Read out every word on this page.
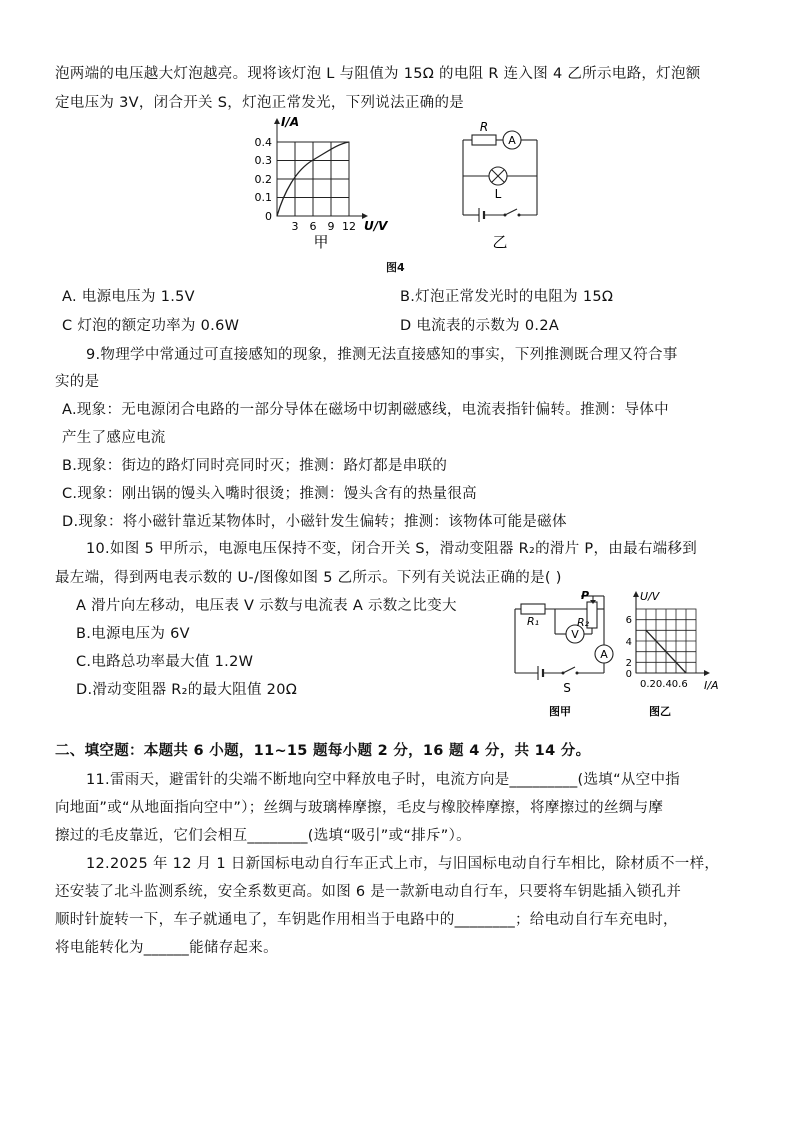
泡两端的电压越大灯泡越亮。现将该灯泡 L 与阻值为 15Ω 的电阻 R 连入图 4 乙所示电路，灯泡额
定电压为 3V，闭合开关 S，灯泡正常发光，下列说法正确的是
I/A
0.4
0.3
0.2
0.1
0
3 6 9 12 U/V
甲
R
A
L
乙
图4
A. 电源电压为 1.5V	B.灯泡正常发光时的电阻为 15Ω
C 灯泡的额定功率为 0.6W	D 电流表的示数为 0.2A
9.物理学中常通过可直接感知的现象，推测无法直接感知的事实，下列推测既合理又符合事
实的是
A.现象：无电源闭合电路的一部分导体在磁场中切割磁感线，电流表指针偏转。推测：导体中
产生了感应电流
B.现象：街边的路灯同时亮同时灭；推测：路灯都是串联的
C.现象：刚出锅的馒头入嘴时很烫；推测：馒头含有的热量很高
D.现象：将小磁针靠近某物体时，小磁针发生偏转；推测：该物体可能是磁体
10.如图 5 甲所示，电源电压保持不变，闭合开关 S，滑动变阻器 R₂的滑片 P，由最右端移到
最左端，得到两电表示数的 U-/图像如图 5 乙所示。下列有关说法正确的是( )
A 滑片向左移动，电压表 V 示数与电流表 A 示数之比变大
B.电源电压为 6V
C.电路总功率最大值 1.2W
D.滑动变阻器 R₂的最大阻值 20Ω
R₁	R₂
P
V
A
S
图甲
U/V
6
4
2
0
0.20.40.6 I/A
图乙
二、填空题：本题共 6 小题，11~15 题每小题 2 分，16 题 4 分，共 14 分。
11.雷雨天，避雷针的尖端不断地向空中释放电子时，电流方向是_________(选填“从空中指
向地面”或“从地面指向空中”）；丝绸与玻璃棒摩擦，毛皮与橡胶棒摩擦，将摩擦过的丝绸与摩
擦过的毛皮靠近，它们会相互________(选填“吸引”或“排斥”）。
12.2025 年 12 月 1 日新国标电动自行车正式上市，与旧国标电动自行车相比，除材质不一样，
还安装了北斗监测系统，安全系数更高。如图 6 是一款新电动自行车，只要将车钥匙插入锁孔并
顺时针旋转一下，车子就通电了，车钥匙作用相当于电路中的________；给电动自行车充电时，
将电能转化为______能储存起来。
